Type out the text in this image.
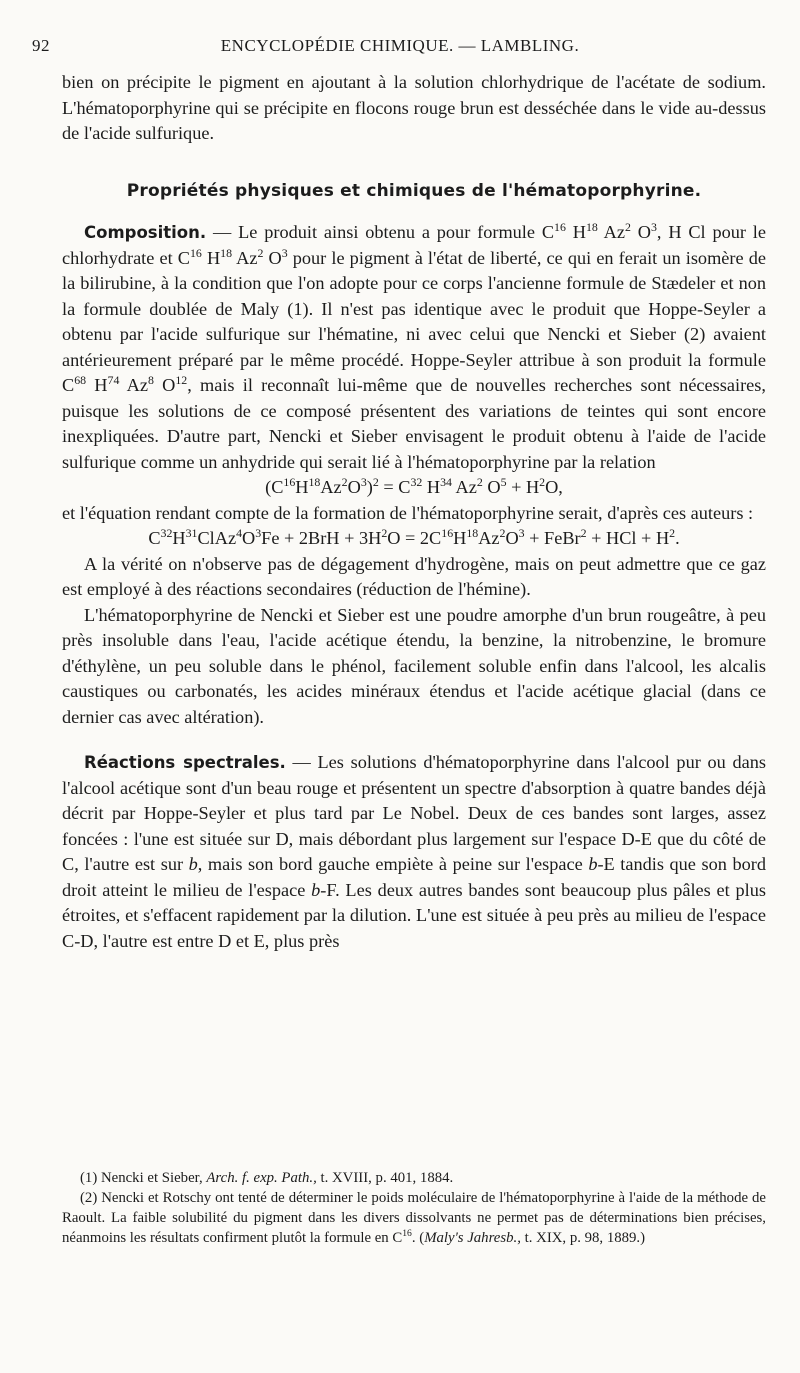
92	ENCYCLOPÉDIE CHIMIQUE. — LAMBLING.

bien on précipite le pigment en ajoutant à la solution chlorhydrique de l'acétate de sodium. L'hématoporphyrine qui se précipite en flocons rouge brun est desséchée dans le vide au-dessus de l'acide sulfurique.

Propriétés physiques et chimiques de l'hématoporphyrine.

Composition. — Le produit ainsi obtenu a pour formule $C^{16}$ $H^{18}$ Az$^2$ $O^3$, H Cl pour le chlorhydrate et $C^{16}$ $H^{18}$ Az$^2$ $O^3$ pour le pigment à l'état de liberté, ce qui en ferait un isomère de la bilirubine, à la condition que l'on adopte pour ce corps l'ancienne formule de Stædeler et non la formule doublée de Maly (1). Il n'est pas identique avec le produit que Hoppe-Seyler a obtenu par l'acide sulfurique sur l'hématine, ni avec celui que Nencki et Sieber (2) avaient antérieurement préparé par le même procédé. Hoppe-Seyler attribue à son produit la formule $C^{68}$ $H^{74}$ Az$^8$ $O^{12}$, mais il reconnaît lui-même que de nouvelles recherches sont nécessaires, puisque les solutions de ce composé présentent des variations de teintes qui sont encore inexpliquées. D'autre part, Nencki et Sieber envisagent le produit obtenu à l'aide de l'acide sulfurique comme un anhydride qui serait lié à l'hématoporphyrine par la relation

$(C^{16}H^{18}Az^2O^3)^2 = C^{32}$ $H^{34}$ Az$^2$ $O^5 + H^2O$,

et l'équation rendant compte de la formation de l'hématoporphyrine serait, d'après ces auteurs :

$C^{32}H^{31}ClAz^4O^3Fe + 2BrH + 3H^2O = 2C^{16}H^{18}Az^2O^3$ + FeBr$^2$ + HCl + $H^2$.

A la vérité on n'observe pas de dégagement d'hydrogène, mais on peut admettre que ce gaz est employé à des réactions secondaires (réduction de l'hémine).

L'hématoporphyrine de Nencki et Sieber est une poudre amorphe d'un brun rougeâtre, à peu près insoluble dans l'eau, l'acide acétique étendu, la benzine, la nitrobenzine, le bromure d'éthylène, un peu soluble dans le phénol, facilement soluble enfin dans l'alcool, les alcalis caustiques ou carbonatés, les acides minéraux étendus et l'acide acétique glacial (dans ce dernier cas avec altération).

Réactions spectrales. — Les solutions d'hématoporphyrine dans l'alcool pur ou dans l'alcool acétique sont d'un beau rouge et présentent un spectre d'absorption à quatre bandes déjà décrit par Hoppe-Seyler et plus tard par Le Nobel. Deux de ces bandes sont larges, assez foncées : l'une est située sur D, mais débordant plus largement sur l'espace D-E que du côté de C, l'autre est sur b, mais son bord gauche empiète à peine sur l'espace b-E tandis que son bord droit atteint le milieu de l'espace b-F. Les deux autres bandes sont beaucoup plus pâles et plus étroites, et s'effacent rapidement par la dilution. L'une est située à peu près au milieu de l'espace C-D, l'autre est entre D et E, plus près

(1) Nencki et Sieber, Arch. f. exp. Path., t. XVIII, p. 401, 1884.

(2) Nencki et Rotschy ont tenté de déterminer le poids moléculaire de l'hématoporphyrine à l'aide de la méthode de Raoult. La faible solubilité du pigment dans les divers dissolvants ne permet pas de déterminations bien précises, néanmoins les résultats confirment plutôt la formule en $C^{16}$. (Maly's Jahresb., t. XIX, p. 98, 1889.)
